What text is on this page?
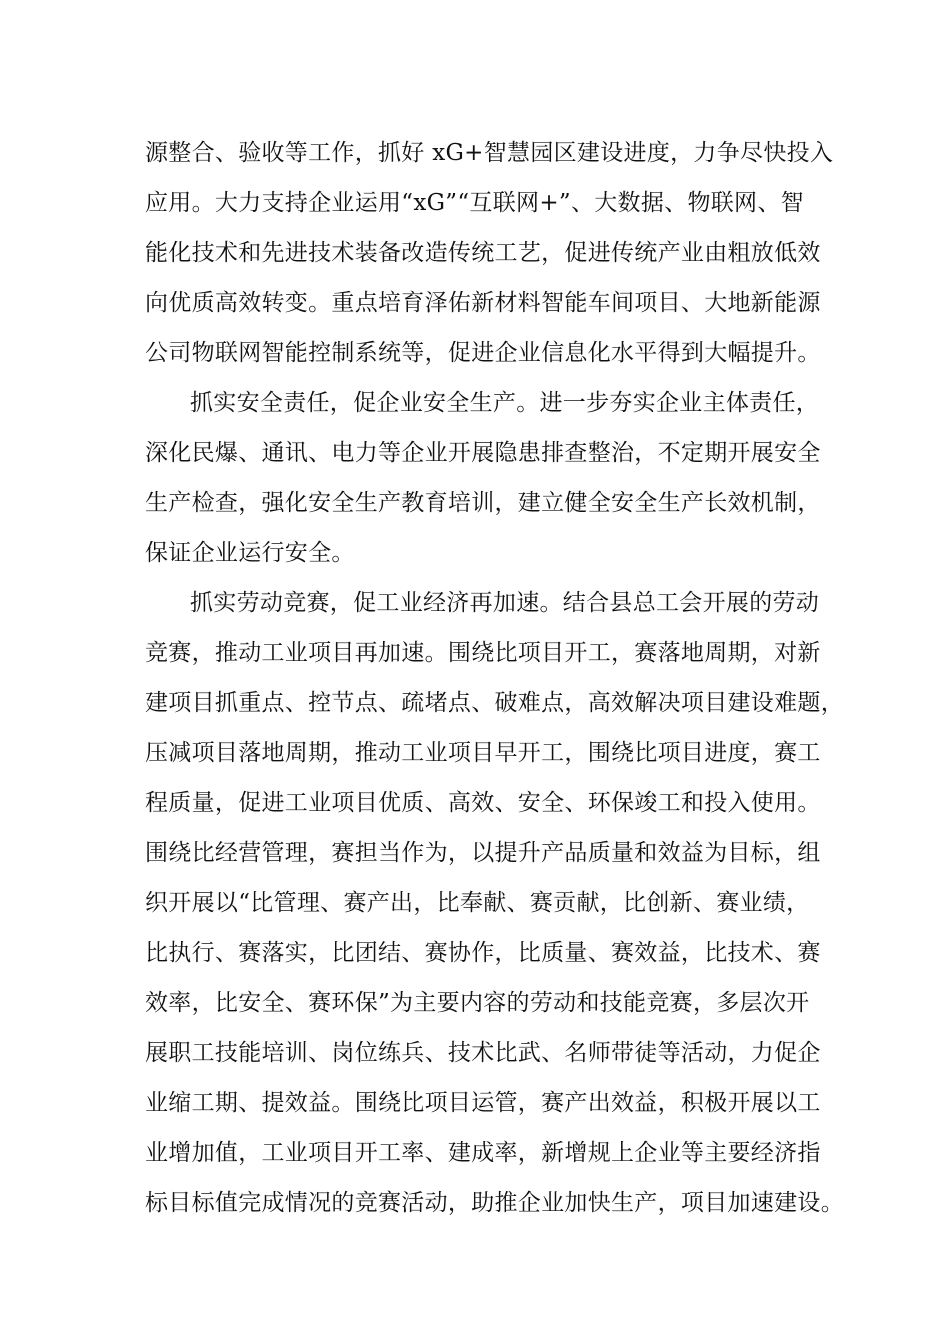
源整合、验收等工作，抓好 xG+智慧园区建设进度，力争尽快投入
应用。大力支持企业运用“xG”“互联网+”、大数据、物联网、智
能化技术和先进技术装备改造传统工艺，促进传统产业由粗放低效
向优质高效转变。重点培育泽佑新材料智能车间项目、大地新能源
公司物联网智能控制系统等，促进企业信息化水平得到大幅提升。
抓实安全责任，促企业安全生产。进一步夯实企业主体责任，
深化民爆、通讯、电力等企业开展隐患排查整治，不定期开展安全
生产检查，强化安全生产教育培训，建立健全安全生产长效机制，
保证企业运行安全。
抓实劳动竞赛，促工业经济再加速。结合县总工会开展的劳动
竞赛，推动工业项目再加速。围绕比项目开工，赛落地周期，对新
建项目抓重点、控节点、疏堵点、破难点，高效解决项目建设难题，
压减项目落地周期，推动工业项目早开工，围绕比项目进度，赛工
程质量，促进工业项目优质、高效、安全、环保竣工和投入使用。
围绕比经营管理，赛担当作为，以提升产品质量和效益为目标，组
织开展以“比管理、赛产出，比奉献、赛贡献，比创新、赛业绩，
比执行、赛落实，比团结、赛协作，比质量、赛效益，比技术、赛
效率，比安全、赛环保”为主要内容的劳动和技能竞赛，多层次开
展职工技能培训、岗位练兵、技术比武、名师带徒等活动，力促企
业缩工期、提效益。围绕比项目运管，赛产出效益，积极开展以工
业增加值，工业项目开工率、建成率，新增规上企业等主要经济指
标目标值完成情况的竞赛活动，助推企业加快生产，项目加速建设。
